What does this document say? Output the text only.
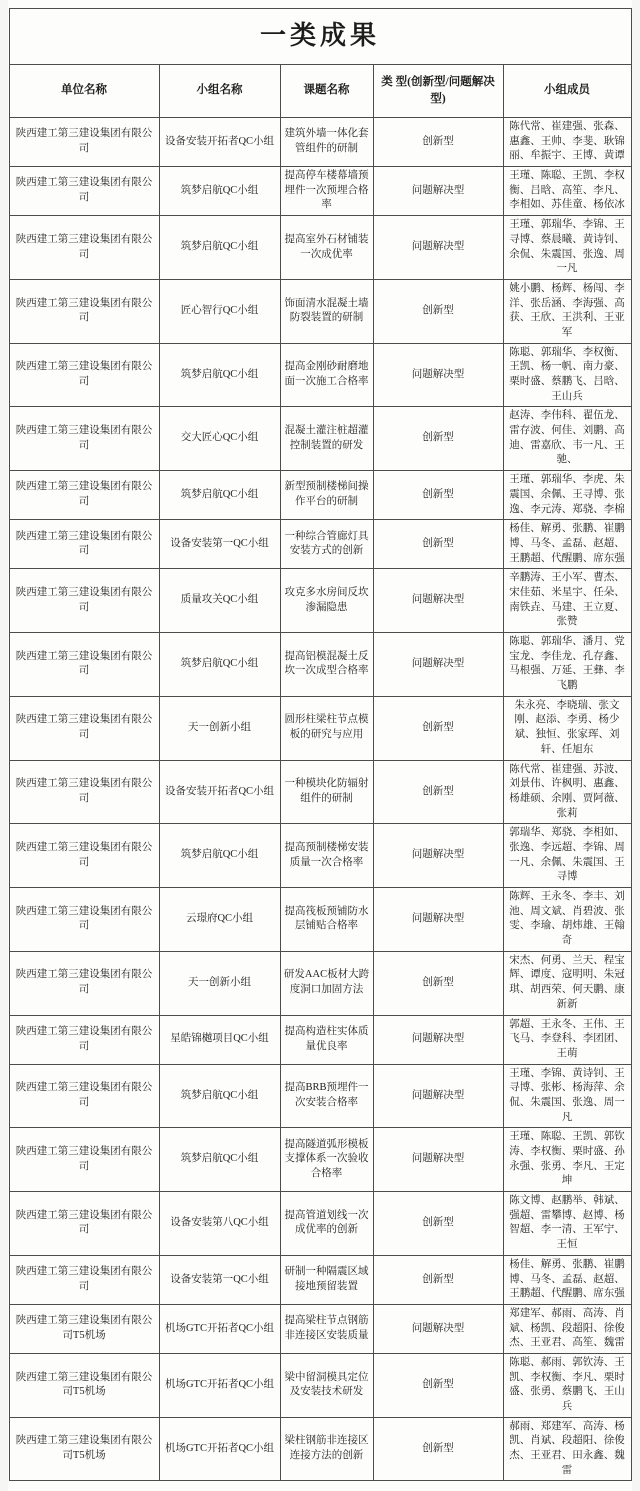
一类成果				
单位名称	小组名称	课题名称	类 型(创新型/问题解决型)	小组成员
陕西建工第三建设集团有限公司	设备安装开拓者QC小组	建筑外墙一体化套管组件的研制	创新型	陈代常、崔建强、张森、惠鑫、王帅、李斐、耿锦丽、牟振宇、王博、黄谭
陕西建工第三建设集团有限公司	筑梦启航QC小组	提高停车楼幕墙预埋件一次预埋合格率	问题解决型	王瑾、陈聪、王凯、李权衡、吕晗、高笙、李凡、李相如、苏佳童、杨依冰
陕西建工第三建设集团有限公司	筑梦启航QC小组	提高室外石材铺装一次成优率	问题解决型	王瑾、郭瑞华、李锦、王寻博、蔡晨曦、黄诗钊、余侃、朱震国、张逸、周一凡
陕西建工第三建设集团有限公司	匠心智行QC小组	饰面清水混凝土墙防裂装置的研制	创新型	姚小鹏、杨辉、杨闯、李洋、张岳涵、李海强、高获、王欣、王洪利、王亚军
陕西建工第三建设集团有限公司	筑梦启航QC小组	提高金刚砂耐磨地面一次施工合格率	问题解决型	陈聪、郭瑞华、李权衡、王凯、杨一帆、南力豪、栗时盛、蔡鹏飞、吕晗、王山兵
陕西建工第三建设集团有限公司	交大匠心QC小组	混凝土灌注桩超灌控制装置的研发	创新型	赵涛、李伟科、翟伍龙、雷存波、何佳、刘鹏、高迪、雷嘉欣、韦一凡、王驰、
陕西建工第三建设集团有限公司	筑梦启航QC小组	新型预制楼梯间操作平台的研制	创新型	王瑾、郭瑞华、李虎、朱震国、余佩、王寻博、张逸、李元涛、郑骁、李棉
陕西建工第三建设集团有限公司	设备安装第一QC小组	一种综合管廊灯具安装方式的创新	创新型	杨佳、解勇、张鹏、崔鹏博、马冬、孟磊、赵超、王鹏超、代醒鹏、席东强
陕西建工第三建设集团有限公司	质量攻关QC小组	攻克多水房间反坎渗漏隐患	问题解决型	辛鹏涛、王小军、曹杰、宋佳茹、米星宇、任朵、南铁垚、马建、王立夏、张赞
陕西建工第三建设集团有限公司	筑梦启航QC小组	提高铝模混凝土反坎一次成型合格率	问题解决型	陈聪、郭瑞华、潘月、党宝龙、李佳龙、孔存鑫、马根强、万延、王彝、李飞鹏
陕西建工第三建设集团有限公司	天一创新小组	圆形柱梁柱节点模板的研究与应用	创新型	朱永亮、李晓瑞、张文刚、赵添、李勇、杨少斌、独恒、张家珲、刘轩、任旭东
陕西建工第三建设集团有限公司	设备安装开拓者QC小组	一种模块化防辐射组件的研制	创新型	陈代常、崔建强、苏波、刘景伟、许枫明、惠鑫、杨雄硕、余刚、贾阿薇、张莉
陕西建工第三建设集团有限公司	筑梦启航QC小组	提高预制楼梯安装质量一次合格率	问题解决型	郭瑞华、郑骁、李相如、张逸、李远超、李锦、周一凡、余佩、朱震国、王寻博
陕西建工第三建设集团有限公司	云璟府QC小组	提高筏板预铺防水层铺贴合格率	问题解决型	陈辉、王永冬、李丰、刘池、周文斌、肖碧波、张雯、李瑜、胡炜雄、王翰奇
陕西建工第三建设集团有限公司	天一创新小组	研发AAC板材大跨度洞口加固方法	创新型	宋杰、何勇、兰天、程宝辉、谭度、寇明明、朱冠琪、胡西荣、何天鹏、康新新
陕西建工第三建设集团有限公司	星皓锦樾项目QC小组	提高构造柱实体质量优良率	问题解决型	郭超、王永冬、王伟、王飞马、李登科、李团团、王萌
陕西建工第三建设集团有限公司	筑梦启航QC小组	提高BRB预埋件一次安装合格率	问题解决型	王瑾、李锦、黄诗钊、王寻博、张彬、杨海萍、余侃、朱震国、张逸、周一凡
陕西建工第三建设集团有限公司	筑梦启航QC小组	提高隧道弧形模板支撑体系一次验收合格率	问题解决型	王瑾、陈聪、王凯、郭钦涛、李权衡、栗时盛、孙永强、张勇、李凡、王定坤
陕西建工第三建设集团有限公司	设备安装第八QC小组	提高管道划线一次成优率的创新	创新型	陈文博、赵鹏举、韩斌、强超、雷攀博、赵博、杨智超、李一清、王军宁、王恒
陕西建工第三建设集团有限公司	设备安装第一QC小组	研制一种隔震区域接地预留装置	创新型	杨佳、解勇、张鹏、崔鹏博、马冬、孟磊、赵超、王鹏超、代醒鹏、席东强
陕西建工第三建设集团有限公司T5机场	机场GTC开拓者QC小组	提高梁柱节点钢筋非连接区安装质量	问题解决型	郑建军、郝雨、高涛、肖斌、杨凯、段超阳、徐俊杰、王亚君、高笙、魏雷
陕西建工第三建设集团有限公司T5机场	机场GTC开拓者QC小组	梁中留洞模具定位及安装技术研发	创新型	陈聪、郝雨、郭钦涛、王凯、李权衡、李凡、栗时盛、张勇、蔡鹏飞、王山兵
陕西建工第三建设集团有限公司T5机场	机场GTC开拓者QC小组	梁柱钢筋非连接区连接方法的创新	创新型	郝雨、郑建军、高涛、杨凯、肖斌、段超阳、徐俊杰、王亚君、田永鑫、魏雷
